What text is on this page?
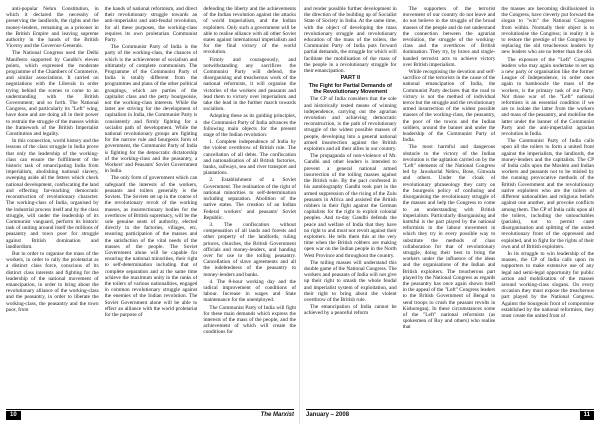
anti-popular Nehru Constitution, in which it declared the necessity of preserving the landlords, the rights and the money-lenders, remaining as a prisoner in the British Empire and leaving supreme authority in the hands of the British Viceroy and the Governor-Generals.

The National Congress used the Delhi Manifesto supported by Gandhi's eleven points, which expressed the moderate programme of the Chambers of Commerce, and similar associations. It carried on negotiations with the Liberals in order trying behind the scenes to come to an understanding with the British Government; and so forth. The National Congress, and particularly its "Left" wing, have done and are doing all in their power to restrain the struggle of the masses within the framework of the British Imperialist Constitution and legality.

In this connection, world history and the lessons of the class struggle in India prove that only the leadership of the working-class can ensure the fulfillment of the historic task of emancipating India from imperialism, abolishing national slavery, sweeping aside all the fetters which check national development, confiscating the land and effecting far-reaching democratic reconstruction of revolutionary character. The working-class of India, organised by the industrial process itself and by the class struggle, will under the leadership of its Communist vanguard, perform its historic task of uniting around itself the millions of peasantry and town poor for struggle against British domination and landlordism.

But in order to organise the mass of the workers, in order to rally the proletariat as a distinct class force, conscious of its distinct class interests and fighting for the leadership of the national movement of emancipation, in order to bring about the revolutionary alliance of the working-class and the peasantry, in order to liberate the working-class, the peasantry and the town poor, from

the hands of national reformism, and direct their revolutionary struggle towards an anti-imperialist and anti-feudal revolution, for all these purposes, the working-class requires its own proletarian Communist Party.

The Communist Party of India is the party of the working-class, the chances of which is the achievement of socialism and ultimately of complete communism. The Programme of the Communist Party of India is totally different from the programmes and plans of the other political groupings, which are parties of the capitalist class and the petty bourgeoisie, not the working-class interests. While the latter are striving for the development of capitalism in India, the Communist Party is consistently and firmly fighting for a socialist path of development. While the national revolutionary groups are fighting for the narrow rule and bourgeois form of government, the Communist Party of India is fighting for the democratic dictatorship of the working-class and the peasantry, a Workers' and Peasants' Soviet Government in India.

The only form of government which can safeguard the interests of the workers, peasants and toilers generally is the Soviets. The Soviets set up in the course of the revolutionary revolt of the working masses, as insurrectionary bodies for the overthrow of British supremacy, will be the sole genuine seats of authority, elected directly in the factories, villages, etc, ensuring participation of the masses and the satisfaction of the vital needs of the masses of the people. The Soviet Government alone will be capable for ensuring the national minorities, their right to self-determination including that of complete separation and at the same time achieve the maximum unity in the ranks of the toilers of various nationalities, engaged in common revolutionary struggle against the enemies of the Indian revolution. The Soviet Government alone will be able to effect an alliance with the world proletariat for the purpose of

defending the liberty and the achievements of the Indian revolution against the attacks of world imperialism, and the Indian exploiters. Only such a government will be able to realise alliance with all other Soviet states against international imperialism and for the final victory of the world revolution.

Firmly and courageously, and notwithstanding any sacrifices the Communist Party will defend, the disorganising and treacherous work of the national reformists, it will organise the victories of the workers and peasants and lead them to victory over imperialism and take the lead in the further march towards socialism.

Adopting these as its guiding principles, the Communist Party of India advances the following main objects for the present stage of the Indian revolution:

1. Complete independence of India by the violent overthrow of British rule. The cancellation of all debts. The confiscation and nationalisation of all British factories, banks, railways, sea and river transport and plantations.

2. Establishment of a Soviet Government. The realisation of the right of national minorities to self-determination including separation. Abolition of the native states. The creation of an Indian Federal workers' and peasants' Soviet Republic.

3. The confiscation without compensation of all lands and forests and other property of the landlords, ruling princes, churches, the British Government officials and money-lenders, and handing over for use to the toiling peasantry. Cancellation of slave agreements and all the indebtedness of the peasantry to money-lenders and banks.

4. The 8-hour working day and the radical improvement of conditions of labour. Increase in wages and State maintenance for the unemployed.

The Communist Party of India will fight for these main demands which express the interests of the mass of the people, and the achievement of which will create the conditions for

10	The Marxist

and render possible further development in the direction of the building up of Socialist State of Society in India. At the same time, with the object of developing the mass revolutionary struggle and revolutionary education of the mass of the toilers, the Communist Party of India puts forward partial demands, the struggle for which will facilitate the mobilisation of the mass of the people in a revolutionary struggle for their emancipation.

PART II
The Fight for Partial Demands of the Revolutionary Movement

The CP of India considers that the sole and historically tested means of winning independence, carrying out the agrarian revolution and achieving democratic reconstruction, is the path of revolutionary struggle of the widest possible masses of people, developing into a general national armed insurrection against the British exploiters and all their allies in our country.

The propaganda of non-violence of Mr. Gandhi and other leaders is intended to prevent a general national armed insurrection of the toiling masses against the British rule. By the pact confessed in his autobiography Gandhi took part in the armed suppression of the rising of the Zulu peasants in Africa and assisted the British robbers in their fight against the German capitalists for the right to exploit colonial peoples. And to-day Gandhi defends the peace and welfare of India that they have no right to and must not revolt against their exploiters. He tells them this at the very time when the British robbers are making open war on the Indian people in the North West Province and throughout the country.

The toiling masses will understand this double game of the National Congress. The workers and peasants of India will not give up their right to smash the whole feudal and imperialist system of exploitation, and their right to bring about the violent overthrow of the British rule.

The emancipation of India cannot be achieved by a peaceful reform

The supporters of the terrorist movement of our country do not leave and do not believe in the struggle of the broad masses of the people and do not understand the connection between the agrarian revolution, the struggle of the working-class and the overthrow of British domination. They try, by brave and single-handed terrorist acts to achieve victory over British imperialism.

While recognising the devotion and self-sacrifice of the terrorists in the cause of the national emancipation of India, the Communist Party declares that the road to victory is not the method of individual terror but the struggle and the revolutionary armed insurrection of the widest possible masses of the working-class, the peasantry, the poor of the towns and the Indian soldiers, around the banner and under the leadership of the Communist Party of India.

The most harmful and dangerous obstacle to the victory of the Indian revolution is the agitation carried on by the "Left" elements of the National Congress led by Jawaharlal Nehru, Bose, Ginwala and others. Under the cloak of revolutionary phraseology they carry on the bourgeois policy of confusing and disorganising the revolutionary struggle of the masses and help the Congress to come to an understanding with British imperialism. Particularly disorganising and harmful is the part played by the national reformists in the labour movement in which they try in every possible way to substitute the methods of class collaboration for that of revolutionary struggle, doing their best to bring the workers under the influence of the ideas and the organisations of the Indian and British exploiters. The treacherous part played by the National Congress as regards the peasantry has once again shown itself in the appeal of the "Left" Congress leaders to the British Government of Bengal to send troops to crush the peasant revolts in Kishoreganj. In these circumstances some of the "Left" national reformists (as spokesmen of Roy and others) who realise that

the masses are becoming disillusioned in the Congress, have cleverly put forward the slogan to "win" the National Congress from within. Normally their object is to revolutionise the Congress; in reality it is to restore the prestige of the Congress by replacing the old treacherous leaders by new leaders who are no better than the old.

The exposure of the "Left" Congress leaders who may again undertake to set up a new party or organisation like the former League of Independence, in order once again to bamboozle the mass of the workers, is the primary task of our Party. Not those war of the "Left" national reformists is an essential condition if we are to isolate the latter from the workers and mass of the peasantry, and mobilise the latter under the banner of the Communist Party and the anti-imperialist agrarian revolution in India.

The Communist Party of India calls upon all the toilers to form a united front against the imperialists, the landlords, the money-lenders and the capitalists. The CP of India calls upon the Moslem and Indian workers and peasants not to be misled by the cunning provocative methods of the British Government and the revolutionary native exploiters who are the toilers of different nationalities and religious beliefs against one another, and provoke conflicts among them. The CP of India calls upon all the toilers, including the untouchables (pariahs), not to permit caste disorganisation and splitting of the united revolutionary front of the oppressed and exploited, and to fight for the rights of their own and of British exploiters.

In its struggle to win leadership of the masses, the CP of India calls upon its supporters to make extensive use of any legal and semi-legal opportunity for public action and mobilisation of the masses around working-class slogans. On every occasion they must expose the treacherous part played by the National Congress. Against the bourgeois front of compromise established by the national reformists, they must create the united front of

January – 2008	11
